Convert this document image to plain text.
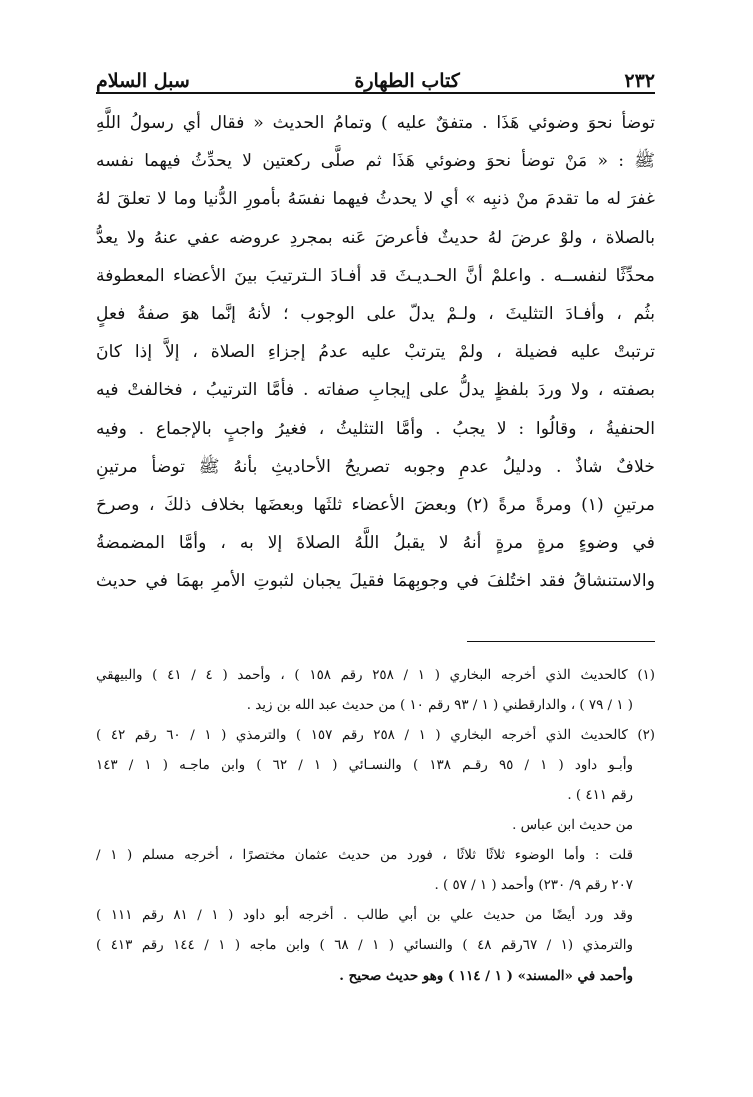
٢٣٢
كتاب الطهارة
سبل السلام
توضأ نحوَ وضوئي هَذَا . متفقٌ عليه ) وتمامُ الحديث « فقال أي رسولُ اللَّهِ
ﷺ : « مَنْ توضأ نحوَ وضوئي هَذَا ثم صلَّى ركعتين لا يحدِّثُ فيهما نفسه
غفرَ له ما تقدمَ منْ ذنبِه » أي لا يحدثُ فيهما نفسَهُ بأمورِ الدُّنيا وما لا تعلقَ لهُ
بالصلاة ، ولوْ عرضَ لهُ حديثٌ فأعرضَ عَنه بمجردِ عروضه عفي عنهُ ولا يعدُّ
محدِّثًا لنفســه . واعلمْ أنَّ الحـديـثَ قد أفـادَ الـترتيبَ بينَ الأعضاء المعطوفة
بثُم ، وأفـادَ التثليثَ ، ولـمْ يدلّ على الوجوب ؛ لأنهُ إنَّما هوَ صفةُ فعلٍ
ترتبتْ عليه فضيلة ، ولمْ يترتبْ عليه عدمُ إجزاءِ الصلاة ، إلاَّ إذا كانَ
بصفته ، ولا وردَ بلفظٍ يدلُّ على إيجابِ صفاته . فأمَّا الترتيبُ ، فخالفتْ فيه
الحنفيةُ ، وقالُوا : لا يجبُ . وأمَّا التثليثُ ، فغيرُ واجبٍ بالإجماع . وفيه
خلافٌ شاذٌ . ودليلُ عدمِ وجوبه تصريحُ الأحاديثِ بأنهُ ﷺ توضأ مرتينِ
مرتينِ (١) ومرةً مرةً (٢) وبعضَ الأعضاء ثلثَها وبعضَها بخلاف ذلكَ ، وصرحَ
في وضوءٍ مرةٍ مرةٍ أنهُ لا يقبلُ اللَّهُ الصلاةَ إلا به ، وأمَّا المضمضةُ
والاستنشاقُ فقد اختُلفَ في وجوبِهمَا فقيلَ يجبان لثبوتِ الأمرِ بهمَا في حديث
(١) كالحديث الذي أخرجه البخاري ( ١ / ٢٥٨ رقم ١٥٨ ) ، وأحمد ( ٤ / ٤١ ) والبيهقي
( ١ / ٧٩ ) ، والدارقطني ( ١ / ٩٣ رقم ١٠ ) من حديث عبد الله بن زيد .
(٢) كالحديث الذي أخرجه البخاري ( ١ / ٢٥٨ رقم ١٥٧ ) والترمذي ( ١ / ٦٠ رقم ٤٢ )
وأبـو داود ( ١ / ٩٥ رقـم ١٣٨ ) والنسـائي ( ١ / ٦٢ ) وابن ماجـه ( ١ / ١٤٣
رقم ٤١١ ) .
من حديث ابن عباس .
قلت : وأما الوضوء ثلاثًا ثلاثًا ، فورد من حديث عثمان مختصرًا ، أخرجه مسلم ( ١ /
٢٠٧ رقم ٩/ ٢٣٠) وأحمد ( ١ / ٥٧ ) .
وقد ورد أيضًا من حديث علي بن أبي طالب . أخرجه أبو داود ( ١ / ٨١ رقم ١١١ )
والترمذي (١ / ٦٧رقم ٤٨ ) والنسائي ( ١ / ٦٨ ) وابن ماجه ( ١ / ١٤٤ رقم ٤١٣ )
وأحمد في «المسند» ( ١ / ١١٤ ) وهو حديث صحيح .
